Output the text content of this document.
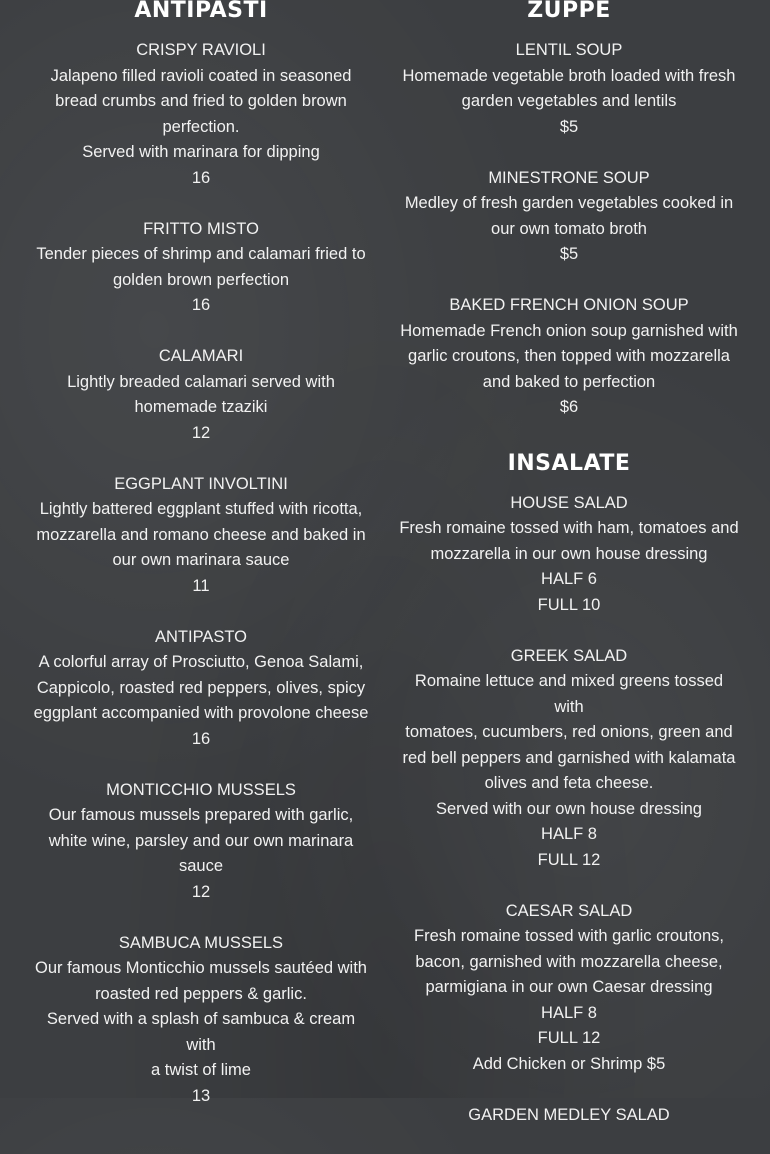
ANTIPASTI
CRISPY RAVIOLI
Jalapeno filled ravioli coated in seasoned
bread crumbs and fried to golden brown
perfection.
Served with marinara for dipping
16
FRITTO MISTO
Tender pieces of shrimp and calamari fried to
golden brown perfection
16
CALAMARI
Lightly breaded calamari served with
homemade tzaziki
12
EGGPLANT INVOLTINI
Lightly battered eggplant stuffed with ricotta,
mozzarella and romano cheese and baked in
our own marinara sauce
11
ANTIPASTO
A colorful array of Prosciutto, Genoa Salami,
Cappicolo, roasted red peppers, olives, spicy
eggplant accompanied with provolone cheese
16
MONTICCHIO MUSSELS
Our famous mussels prepared with garlic,
white wine, parsley and our own marinara
sauce
12
SAMBUCA MUSSELS
Our famous Monticchio mussels sautéed with
roasted red peppers & garlic.
Served with a splash of sambuca & cream with
a twist of lime
13
ZUPPE
LENTIL SOUP
Homemade vegetable broth loaded with fresh
garden vegetables and lentils
$5
MINESTRONE SOUP
Medley of fresh garden vegetables cooked in
our own tomato broth
$5
BAKED FRENCH ONION SOUP
Homemade French onion soup garnished with
garlic croutons, then topped with mozzarella
and baked to perfection
$6
INSALATE
HOUSE SALAD
Fresh romaine tossed with ham, tomatoes and
mozzarella in our own house dressing
HALF 6
FULL 10
GREEK SALAD
Romaine lettuce and mixed greens tossed with
tomatoes, cucumbers, red onions, green and
red bell peppers and garnished with kalamata
olives and feta cheese.
Served with our own house dressing
HALF 8
FULL 12
CAESAR SALAD
Fresh romaine tossed with garlic croutons,
bacon, garnished with mozzarella cheese,
parmigiana in our own Caesar dressing
HALF 8
FULL 12
Add Chicken or Shrimp $5
GARDEN MEDLEY SALAD
